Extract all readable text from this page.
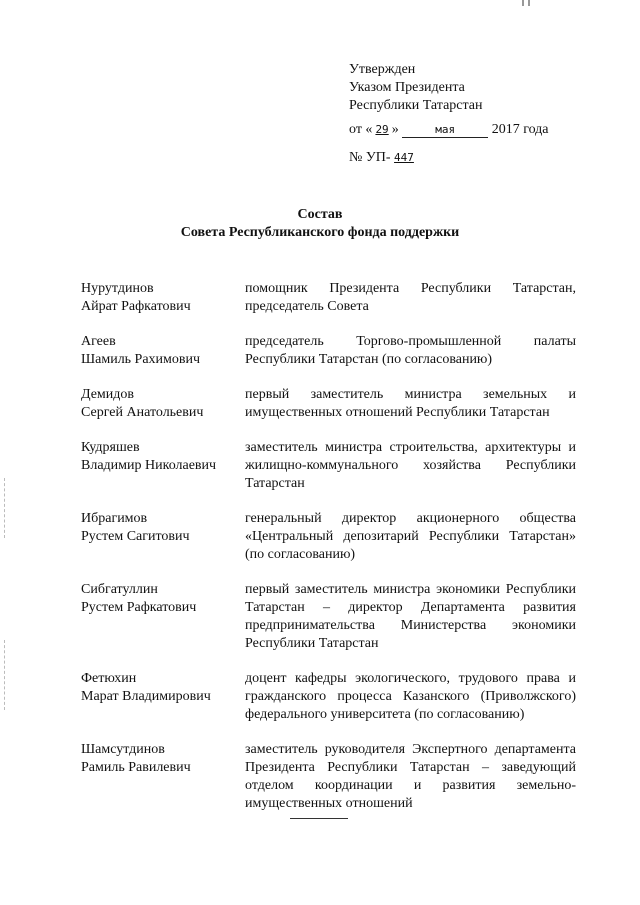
Утвержден
Указом Президента
Республики Татарстан
от « 29 »	мая	2017 года
№ УП- 447
Состав
Совета Республиканского фонда поддержки
Нурутдинов
Айрат Рафкатович
помощник Президента Республики Татарстан, председатель Совета
Агеев
Шамиль Рахимович
председатель Торгово-промышленной палаты Республики Татарстан (по согласованию)
Демидов
Сергей Анатольевич
первый заместитель министра земельных и имущественных отношений Республики Татарстан
Кудряшев
Владимир Николаевич
заместитель министра строительства, архитектуры и жилищно-коммунального хозяйства Республики Татарстан
Ибрагимов
Рустем Сагитович
генеральный директор акционерного общества «Центральный депозитарий Республики Татарстан» (по согласованию)
Сибгатуллин
Рустем Рафкатович
первый заместитель министра экономики Республики Татарстан – директор Департамента развития предпринимательства Министерства экономики Республики Татарстан
Фетюхин
Марат Владимирович
доцент кафедры экологического, трудового права и гражданского процесса Казанского (Приволжского) федерального университета (по согласованию)
Шамсутдинов
Рамиль Равилевич
заместитель руководителя Экспертного департамента Президента Республики Татарстан – заведующий отделом координации и развития земельно-имущественных отношений
